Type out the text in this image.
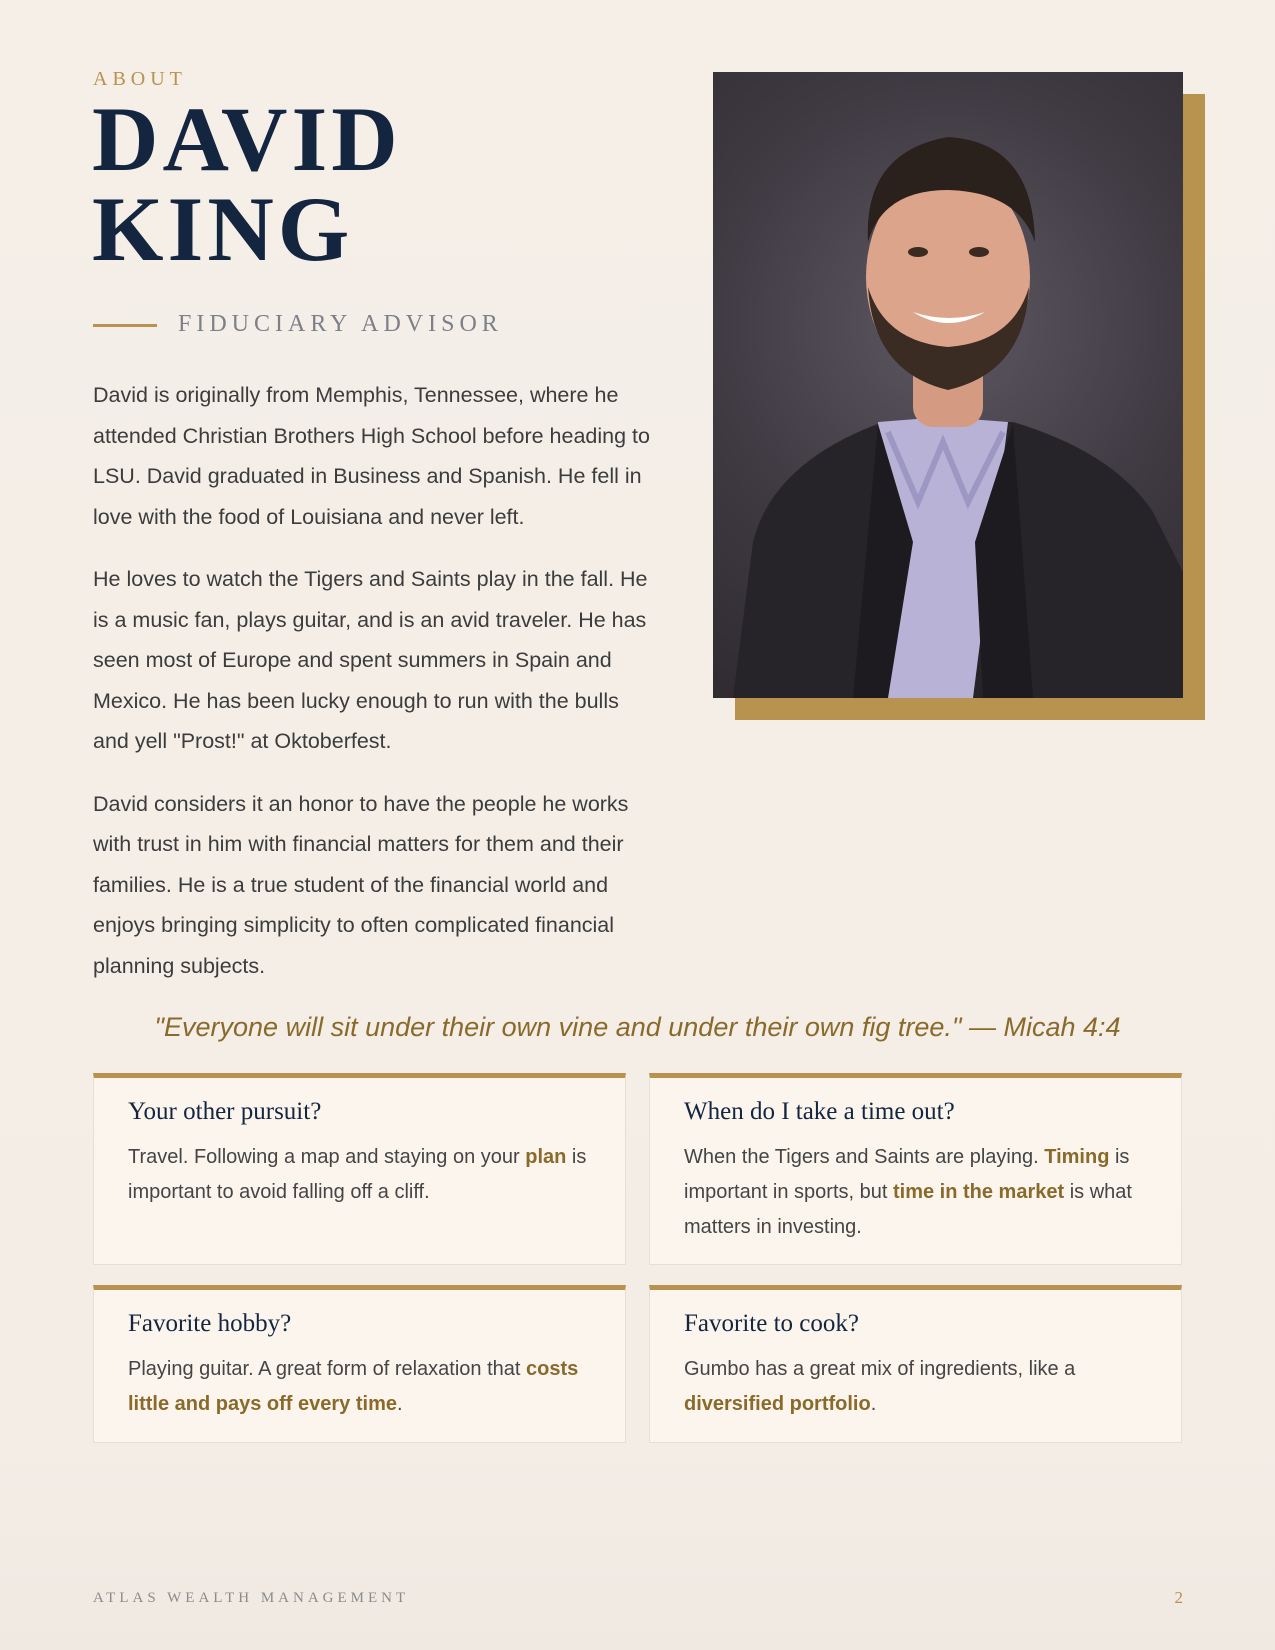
ABOUT
DAVID
KING
FIDUCIARY ADVISOR

David is originally from Memphis, Tennessee, where he attended Christian Brothers High School before heading to LSU. David graduated in Business and Spanish. He fell in love with the food of Louisiana and never left.

He loves to watch the Tigers and Saints play in the fall. He is a music fan, plays guitar, and is an avid traveler. He has seen most of Europe and spent summers in Spain and Mexico. He has been lucky enough to run with the bulls and yell "Prost!" at Oktoberfest.

David considers it an honor to have the people he works with trust in him with financial matters for them and their families. He is a true student of the financial world and enjoys bringing simplicity to often complicated financial planning subjects.

"Everyone will sit under their own vine and under their own fig tree." — Micah 4:4
Your other pursuit?

Travel. Following a map and staying on your plan is important to avoid falling off a cliff.

When do I take a time out?

When the Tigers and Saints are playing. Timing is important in sports, but time in the market is what matters in investing.

Favorite hobby?

Playing guitar. A great form of relaxation that costs little and pays off every time.

Favorite to cook?

Gumbo has a great mix of ingredients, like a diversified portfolio.

ATLAS WEALTH MANAGEMENT	2
